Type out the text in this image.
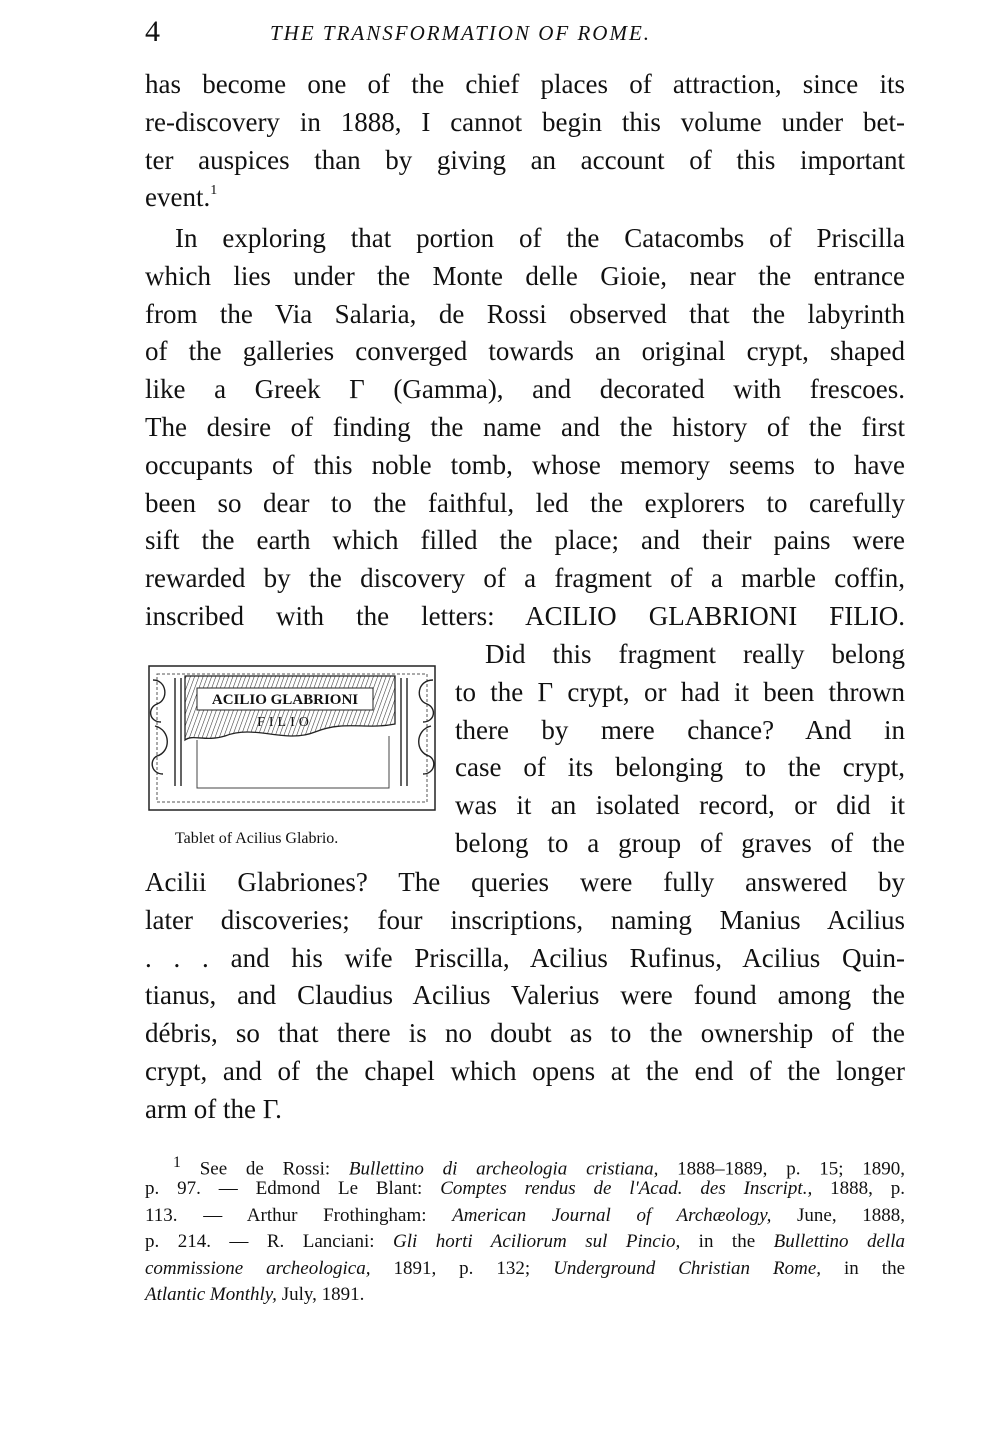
4	THE TRANSFORMATION OF ROME.
has become one of the chief places of attraction, since its
re-discovery in 1888, I cannot begin this volume under bet-
ter auspices than by giving an account of this important
event.$^1$
In exploring that portion of the Catacombs of Priscilla
which lies under the Monte delle Gioie, near the entrance
from the Via Salaria, de Rossi observed that the labyrinth
of the galleries converged towards an original crypt, shaped
like a Greek Γ (Gamma), and decorated with frescoes.
The desire of finding the name and the history of the first
occupants of this noble tomb, whose memory seems to have
been so dear to the faithful, led the explorers to carefully
sift the earth which filled the place; and their pains were
rewarded by the discovery of a fragment of a marble coffin,
inscribed with the letters: ACILIO GLABRIONI FILIO.
Did this fragment really belong
to the Γ crypt, or had it been thrown
there by mere chance? And in
case of its belonging to the crypt,
was it an isolated record, or did it
belong to a group of graves of the
ACILIO GLABRIONI
FILIO
Tablet of Acilius Glabrio.
Acilii Glabriones? The queries were fully answered by
later discoveries; four inscriptions, naming Manius Acilius
. . . and his wife Priscilla, Acilius Rufinus, Acilius Quin-
tianus, and Claudius Acilius Valerius were found among the
débris, so that there is no doubt as to the ownership of the
crypt, and of the chapel which opens at the end of the longer
arm of the Γ.
$^1$ See de Rossi: Bullettino di archeologia cristiana, 1888–1889, p. 15; 1890,
p. 97. — Edmond Le Blant: Comptes rendus de l'Acad. des Inscript., 1888, p.
113. — Arthur Frothingham: American Journal of Archæology, June, 1888,
p. 214. — R. Lanciani: Gli horti Aciliorum sul Pincio, in the Bullettino della
commissione archeologica, 1891, p. 132; Underground Christian Rome, in the
Atlantic Monthly, July, 1891.
